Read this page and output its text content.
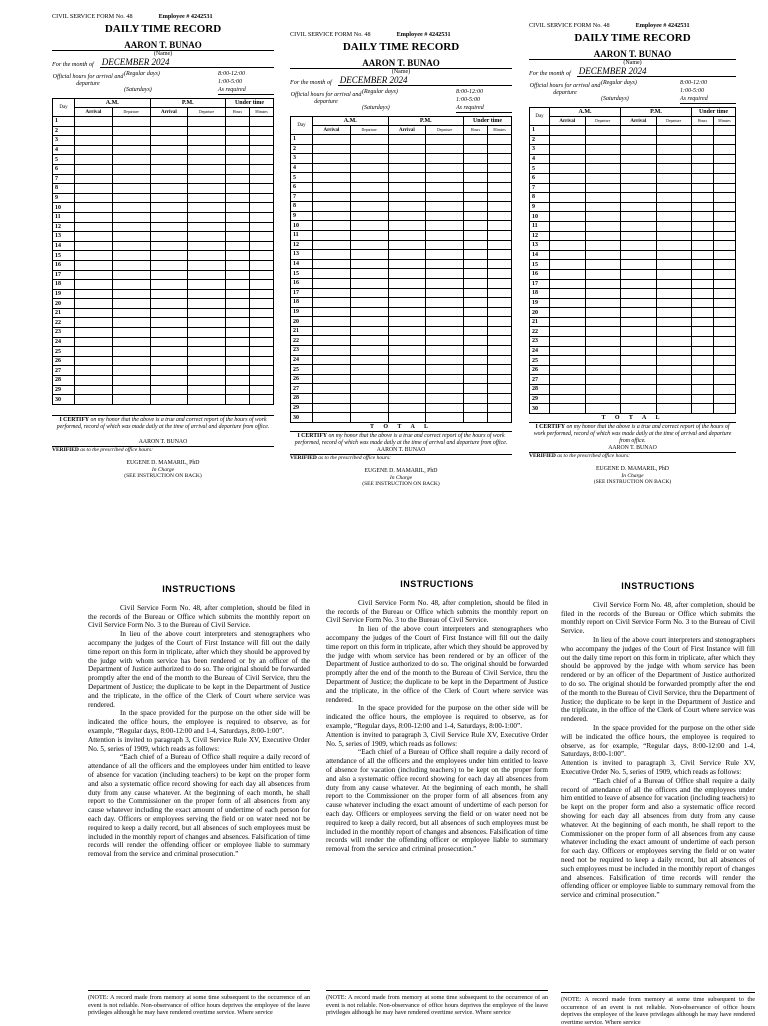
CIVIL SERVICE FORM No. 48	Employee # 4242531
DAILY TIME RECORD
AARON T. BUNAO
(Name)
For the month of DECEMBER 2024
Official hours for arrival and departure
(Regular days)	8:00-12:00
1:00-5:00
(Saturdays)	As required
Day	A.M.		P.M.		Under time	
	Arrival	Departure	Arrival	Departure	Hours	Minutes
1						
2						
3						
4						
5						
6						
7						
8						
9						
10						
11						
12						
13						
14						
15						
16						
17						
18						
19						
20						
21						
22						
23						
24						
25						
26						
27						
28						
29						
30						
I CERTIFY on my honor that the above is a true and correct report of the hours of work performed, record of which was made daily at the time of arrival and departure from office.
AARON T. BUNAO
VERIFIED as to the prescribed office hours:
EUGENE D. MAMARIL, PhD
In Charge
(SEE INSTRUCTION ON BACK)
CIVIL SERVICE FORM No. 48	Employee # 4242531
DAILY TIME RECORD
AARON T. BUNAO
(Name)
For the month of DECEMBER 2024
Official hours for arrival and departure
(Regular days)	8:00-12:00
1:00-5:00
(Saturdays)	As required
Day	A.M.		P.M.		Under time	
	Arrival	Departure	Arrival	Departure	Hours	Minutes
1						
2						
3						
4						
5						
6						
7						
8						
9						
10						
11						
12						
13						
14						
15						
16						
17						
18						
19						
20						
21						
22						
23						
24						
25						
26						
27						
28						
29						
30						
T O T A L
I CERTIFY on my honor that the above is a true and correct report of the hours of work performed, record of which was made daily at the time of arrival and departure from office.
AARON T. BUNAO
VERIFIED as to the prescribed office hours:
EUGENE D. MAMARIL, PhD
In Charge
(SEE INSTRUCTION ON BACK)
CIVIL SERVICE FORM No. 48	Employee # 4242531
DAILY TIME RECORD
AARON T. BUNAO
(Name)
For the month of DECEMBER 2024
Official hours for arrival and departure
(Regular days)	8:00-12:00
1:00-5:00
(Saturdays)	As required
Day	A.M.		P.M.		Under time	
	Arrival	Departure	Arrival	Departure	Hours	Minutes
1						
2						
3						
4						
5						
6						
7						
8						
9						
10						
11						
12						
13						
14						
15						
16						
17						
18						
19						
20						
21						
22						
23						
24						
25						
26						
27						
28						
29						
30						
T O T A L
I CERTIFY on my honor that the above is a true and correct report of the hours of work performed, record of which was made daily at the time of arrival and departure from office.
AARON T. BUNAO
VERIFIED as to the prescribed office hours:
EUGENE D. MAMARIL, PhD
In Charge
(SEE INSTRUCTION ON BACK)
INSTRUCTIONS

Civil Service Form No. 48, after completion, should be filed in the records of the Bureau or Office which submits the monthly report on Civil Service Form No. 3 to the Bureau of Civil Service.

In lieu of the above court interpreters and stenographers who accompany the judges of the Court of First Instance will fill out the daily time report on this form in triplicate, after which they should be approved by the judge with whom service has been rendered or by an officer of the Department of Justice authorized to do so. The original should be forwarded promptly after the end of the month to the Bureau of Civil Service, thru the Department of Justice; the duplicate to be kept in the Department of Justice and the triplicate, in the office of the Clerk of Court where service was rendered.

In the space provided for the purpose on the other side will be indicated the office hours, the employee is required to observe, as for example, “Regular days, 8:00-12:00 and 1-4, Saturdays, 8:00-1:00”.

Attention is invited to paragraph 3, Civil Service Rule XV, Executive Order No. 5, series of 1909, which reads as follows:

“Each chief of a Bureau of Office shall require a daily record of attendance of all the officers and the employees under him entitled to leave of absence for vacation (including teachers) to be kept on the proper form and also a systematic office record showing for each day all absences from duty from any cause whatever. At the beginning of each month, he shall report to the Commissioner on the proper form of all absences from any cause whatever including the exact amount of undertime of each person for each day. Officers or employees serving the field or on water need not be required to keep a daily record, but all absences of such employees must be included in the monthly report of changes and absences. Falsification of time records will render the offending officer or employee liable to summary removal from the service and criminal prosecution.”

(NOTE: A record made from memory at some time subsequent to the occurrence of an event is not reliable. Non-observance of office hours deprives the employee of the leave privileges although he may have rendered overtime service. Where service
INSTRUCTIONS

Civil Service Form No. 48, after completion, should be filed in the records of the Bureau or Office which submits the monthly report on Civil Service Form No. 3 to the Bureau of Civil Service.

In lieu of the above court interpreters and stenographers who accompany the judges of the Court of First Instance will fill out the daily time report on this form in triplicate, after which they should be approved by the judge with whom service has been rendered or by an officer of the Department of Justice authorized to do so. The original should be forwarded promptly after the end of the month to the Bureau of Civil Service, thru the Department of Justice; the duplicate to be kept in the Department of Justice and the triplicate, in the office of the Clerk of Court where service was rendered.

In the space provided for the purpose on the other side will be indicated the office hours, the employee is required to observe, as for example, “Regular days, 8:00-12:00 and 1-4, Saturdays, 8:00-1:00”.

Attention is invited to paragraph 3, Civil Service Rule XV, Executive Order No. 5, series of 1909, which reads as follows:

“Each chief of a Bureau of Office shall require a daily record of attendance of all the officers and the employees under him entitled to leave of absence for vacation (including teachers) to be kept on the proper form and also a systematic office record showing for each day all absences from duty from any cause whatever. At the beginning of each month, he shall report to the Commissioner on the proper form of all absences from any cause whatever including the exact amount of undertime of each person for each day. Officers or employees serving the field or on water need not be required to keep a daily record, but all absences of such employees must be included in the monthly report of changes and absences. Falsification of time records will render the offending officer or employee liable to summary removal from the service and criminal prosecution.”

(NOTE: A record made from memory at some time subsequent to the occurrence of an event is not reliable. Non-observance of office hours deprives the employee of the leave privileges although he may have rendered overtime service. Where service
INSTRUCTIONS

Civil Service Form No. 48, after completion, should be filed in the records of the Bureau or Office which submits the monthly report on Civil Service Form No. 3 to the Bureau of Civil Service.

In lieu of the above court interpreters and stenographers who accompany the judges of the Court of First Instance will fill out the daily time report on this form in triplicate, after which they should be approved by the judge with whom service has been rendered or by an officer of the Department of Justice authorized to do so. The original should be forwarded promptly after the end of the month to the Bureau of Civil Service, thru the Department of Justice; the duplicate to be kept in the Department of Justice and the triplicate, in the office of the Clerk of Court where service was rendered.

In the space provided for the purpose on the other side will be indicated the office hours, the employee is required to observe, as for example, “Regular days, 8:00-12:00 and 1-4, Saturdays, 8:00-1:00”.

Attention is invited to paragraph 3, Civil Service Rule XV, Executive Order No. 5, series of 1909, which reads as follows:

“Each chief of a Bureau of Office shall require a daily record of attendance of all the officers and the employees under him entitled to leave of absence for vacation (including teachers) to be kept on the proper form and also a systematic office record showing for each day all absences from duty from any cause whatever. At the beginning of each month, he shall report to the Commissioner on the proper form of all absences from any cause whatever including the exact amount of undertime of each person for each day. Officers or employees serving the field or on water need not be required to keep a daily record, but all absences of such employees must be included in the monthly report of changes and absences. Falsification of time records will render the offending officer or employee liable to summary removal from the service and criminal prosecution.”

(NOTE: A record made from memory at some time subsequent to the occurrence of an event is not reliable. Non-observance of office hours deprives the employee of the leave privileges although he may have rendered overtime service. Where service
